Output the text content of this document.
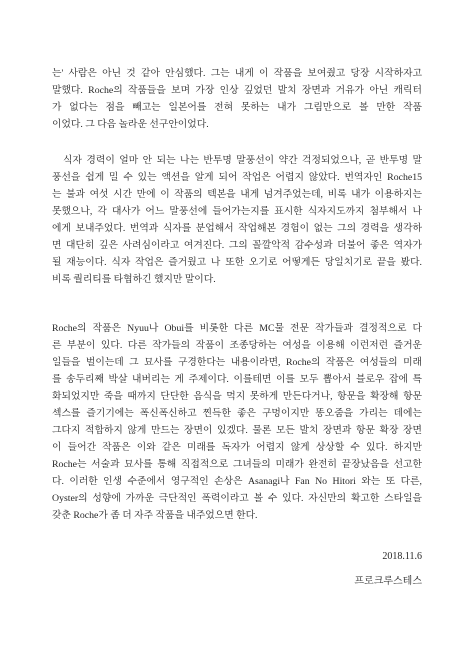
는' 사람은 아닌 것 같아 안심했다. 그는 내게 이 작품을 보여줬고 당장 시작하자고
말했다. Roche의 작품들을 보며 가장 인상 깊었던 발치 장면과 거유가 아닌 캐릭터
가 없다는 점을 빼고는 일본어를 전혀 못하는 내가 그림만으로 볼 만한 작품
이었다. 그 다음 놀라운 선구안이었다.
식자 경력이 얼마 안 되는 나는 반투명 말풍선이 약간 걱정되었으나, 곧 반투명 말
풍선을 쉽게 밀 수 있는 액션을 알게 되어 작업은 어렵지 않았다. 번역자인 Roche15
는 불과 여섯 시간 만에 이 작품의 텍본을 내게 넘겨주었는데, 비록 내가 이용하지는
못했으나, 각 대사가 어느 말풍선에 들어가는지를 표시한 식자지도까지 첨부해서 나
에게 보내주었다. 번역과 식자를 분업해서 작업해본 경험이 없는 그의 경력을 생각하
면 대단히 깊은 사려심이라고 여겨진다. 그의 꼴깔악적 감수성과 더불어 좋은 역자가
될 재능이다. 식자 작업은 즐거웠고 나 또한 오기로 어떻게든 당일치기로 끝을 봤다.
비록 퀄리티를 타협하긴 했지만 말이다.
Roche의 작품은 Nyuu나 Obui를 비롯한 다른 MC물 전문 작가들과 결정적으로 다
른 부분이 있다. 다른 작가들의 작품이 조종당하는 여성을 이용해 이런저런 즐거운
일들을 벌이는데 그 묘사를 구경한다는 내용이라면, Roche의 작품은 여성들의 미래
를 송두리째 박살 내버리는 게 주제이다. 이를테면 이를 모두 뽑아서 블로우 잡에 특
화되었지만 죽을 때까지 단단한 음식을 먹지 못하게 만든다거나, 항문을 확장해 항문
섹스를 즐기기에는 폭신폭신하고 찐득한 좋은 구멍이지만 똥오줌을 가리는 데에는
그다지 적합하지 않게 만드는 장면이 있겠다. 물론 모든 발치 장면과 항문 확장 장면
이 들어간 작품은 이와 같은 미래를 독자가 어렵지 않게 상상할 수 있다. 하지만
Roche는 서술과 묘사를 통해 직접적으로 그녀들의 미래가 완전히 끝장났음을 선고한
다. 이러한 인생 수준에서 영구적인 손상은 Asanagi나 Fan No Hitori 와는 또 다른,
Oyster의 성향에 가까운 극단적인 폭력이라고 볼 수 있다. 자신만의 확고한 스타일을
갖춘 Roche가 좀 더 자주 작품을 내주었으면 한다.
2018.11.6
프로크루스테스
